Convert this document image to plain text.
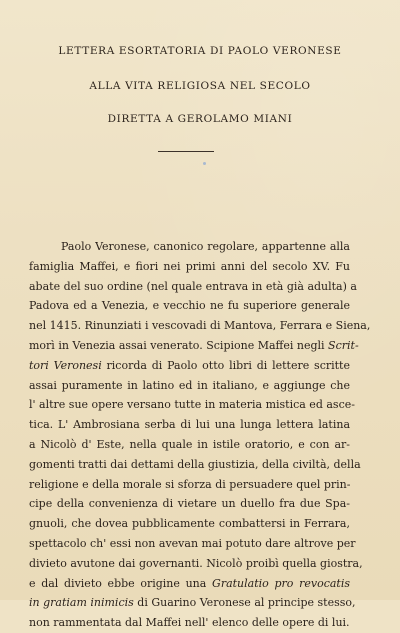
LETTERA ESORTATORIA DI PAOLO VERONESE
ALLA VITA RELIGIOSA NEL SECOLO
DIRETTA A GEROLAMO MIANI
Paolo Veronese, canonico regolare, appartenne alla
famiglia Maffei, e fiori nei primi anni del secolo XV. Fu
abate del suo ordine (nel quale entrava in età già adulta) a
Padova ed a Venezia, e vecchio ne fu superiore generale
nel 1415. Rinunziati i vescovadi di Mantova, Ferrara e Siena,
morì in Venezia assai venerato. Scipione Maffei negli Scrit-
tori Veronesi ricorda di Paolo otto libri di lettere scritte
assai puramente in latino ed in italiano, e aggiunge che
l' altre sue opere versano tutte in materia mistica ed asce-
tica. L' Ambrosiana serba di lui una lunga lettera latina
a Nicolò d' Este, nella quale in istile oratorio, e con ar-
gomenti tratti dai dettami della giustizia, della civiltà, della
religione e della morale si sforza di persuadere quel prin-
cipe della convenienza di vietare un duello fra due Spa-
gnuoli, che dovea pubblicamente combattersi in Ferrara,
spettacolo ch' essi non avevan mai potuto dare altrove per
divieto avutone dai governanti. Nicolò proibì quella giostra,
e dal divieto ebbe origine una Gratulatio pro revocatis
in gratiam inimicis di Guarino Veronese al principe stesso,
non rammentata dal Maffei nell' elenco delle opere di lui.
